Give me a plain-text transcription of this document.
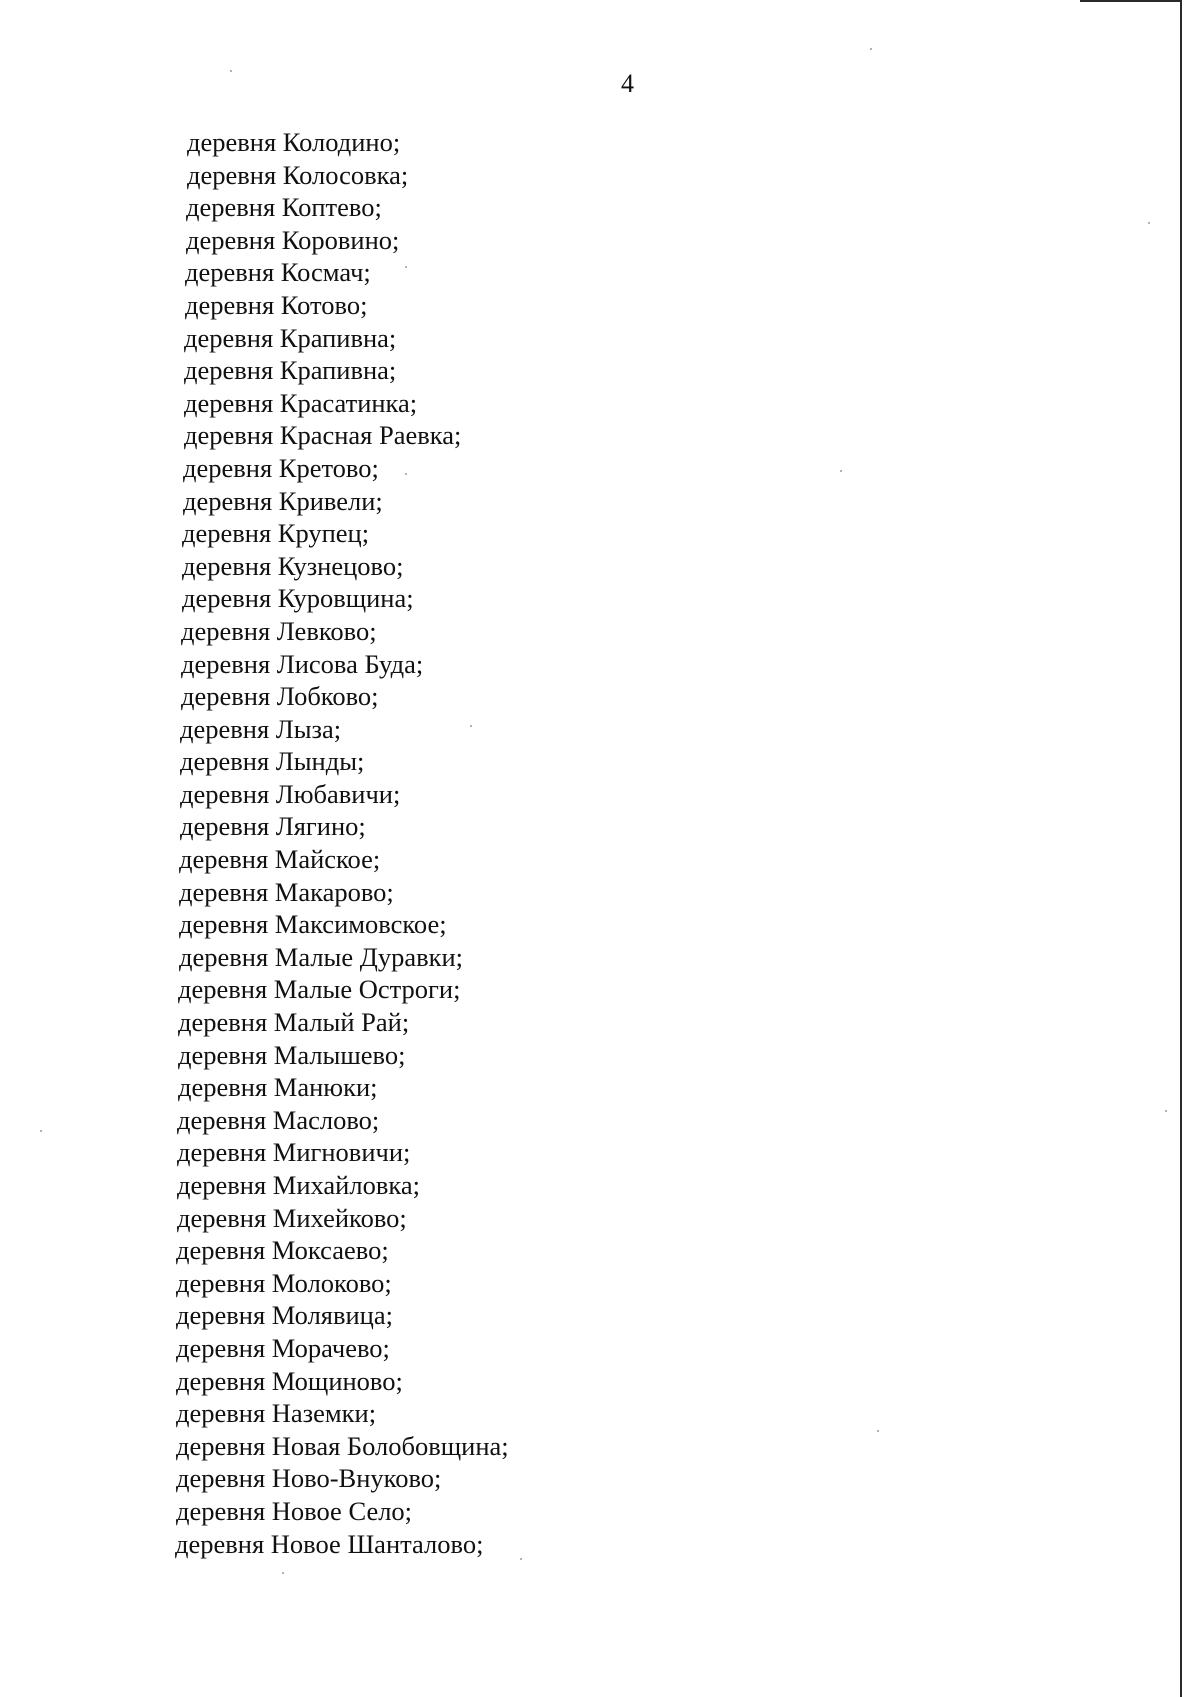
4
деревня Колодино;
деревня Колосовка;
деревня Коптево;
деревня Коровино;
деревня Космач;
деревня Котово;
деревня Крапивна;
деревня Крапивна;
деревня Красатинка;
деревня Красная Раевка;
деревня Кретово;
деревня Кривели;
деревня Крупец;
деревня Кузнецово;
деревня Куровщина;
деревня Левково;
деревня Лисова Буда;
деревня Лобково;
деревня Лыза;
деревня Лынды;
деревня Любавичи;
деревня Лягино;
деревня Майское;
деревня Макарово;
деревня Максимовское;
деревня Малые Дуравки;
деревня Малые Остроги;
деревня Малый Рай;
деревня Малышево;
деревня Манюки;
деревня Маслово;
деревня Мигновичи;
деревня Михайловка;
деревня Михейково;
деревня Моксаево;
деревня Молоково;
деревня Молявица;
деревня Морачево;
деревня Мощиново;
деревня Наземки;
деревня Новая Болобовщина;
деревня Ново-Внуково;
деревня Новое Село;
деревня Новое Шанталово;
